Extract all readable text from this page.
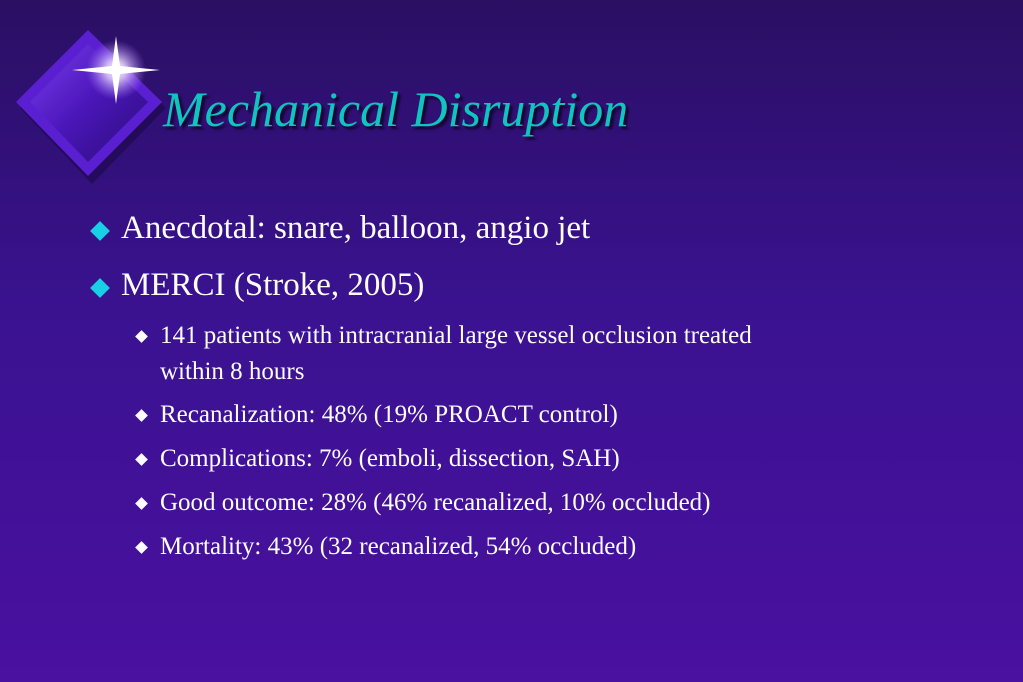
Mechanical Disruption
Anecdotal: snare, balloon, angio jet
MERCI (Stroke, 2005)
141 patients with intracranial large vessel occlusion treated
within 8 hours
Recanalization: 48% (19% PROACT control)
Complications: 7% (emboli, dissection, SAH)
Good outcome: 28% (46% recanalized, 10% occluded)
Mortality: 43% (32 recanalized, 54% occluded)
